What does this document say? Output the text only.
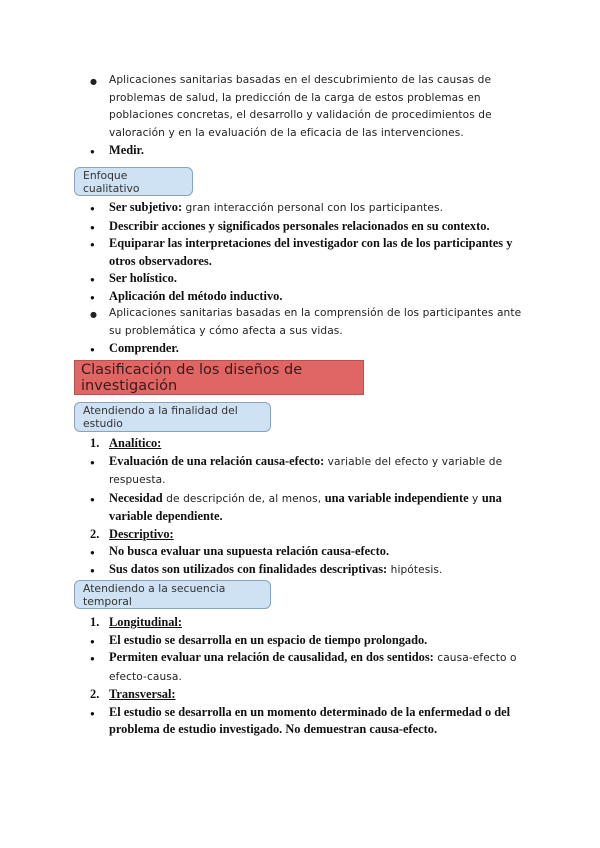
● Aplicaciones sanitarias basadas en el descubrimiento de las causas de problemas de salud, la predicción de la carga de estos problemas en poblaciones concretas, el desarrollo y validación de procedimientos de valoración y en la evaluación de la eficacia de las intervenciones.
● Medir.
Enfoque cualitativo
● Ser subjetivo: gran interacción personal con los participantes.
● Describir acciones y significados personales relacionados en su contexto.
● Equiparar las interpretaciones del investigador con las de los participantes y otros observadores.
● Ser holístico.
● Aplicación del método inductivo.
● Aplicaciones sanitarias basadas en la comprensión de los participantes ante su problemática y cómo afecta a sus vidas.
● Comprender.
Clasificación de los diseños de investigación
Atendiendo a la finalidad del estudio
1. Analítico:
● Evaluación de una relación causa-efecto: variable del efecto y variable de respuesta.
● Necesidad de descripción de, al menos, una variable independiente y una variable dependiente.
2. Descriptivo:
● No busca evaluar una supuesta relación causa-efecto.
● Sus datos son utilizados con finalidades descriptivas: hipótesis.
Atendiendo a la secuencia temporal
1. Longitudinal:
● El estudio se desarrolla en un espacio de tiempo prolongado.
● Permiten evaluar una relación de causalidad, en dos sentidos: causa-efecto o efecto-causa.
2. Transversal:
● El estudio se desarrolla en un momento determinado de la enfermedad o del problema de estudio investigado. No demuestran causa-efecto.
